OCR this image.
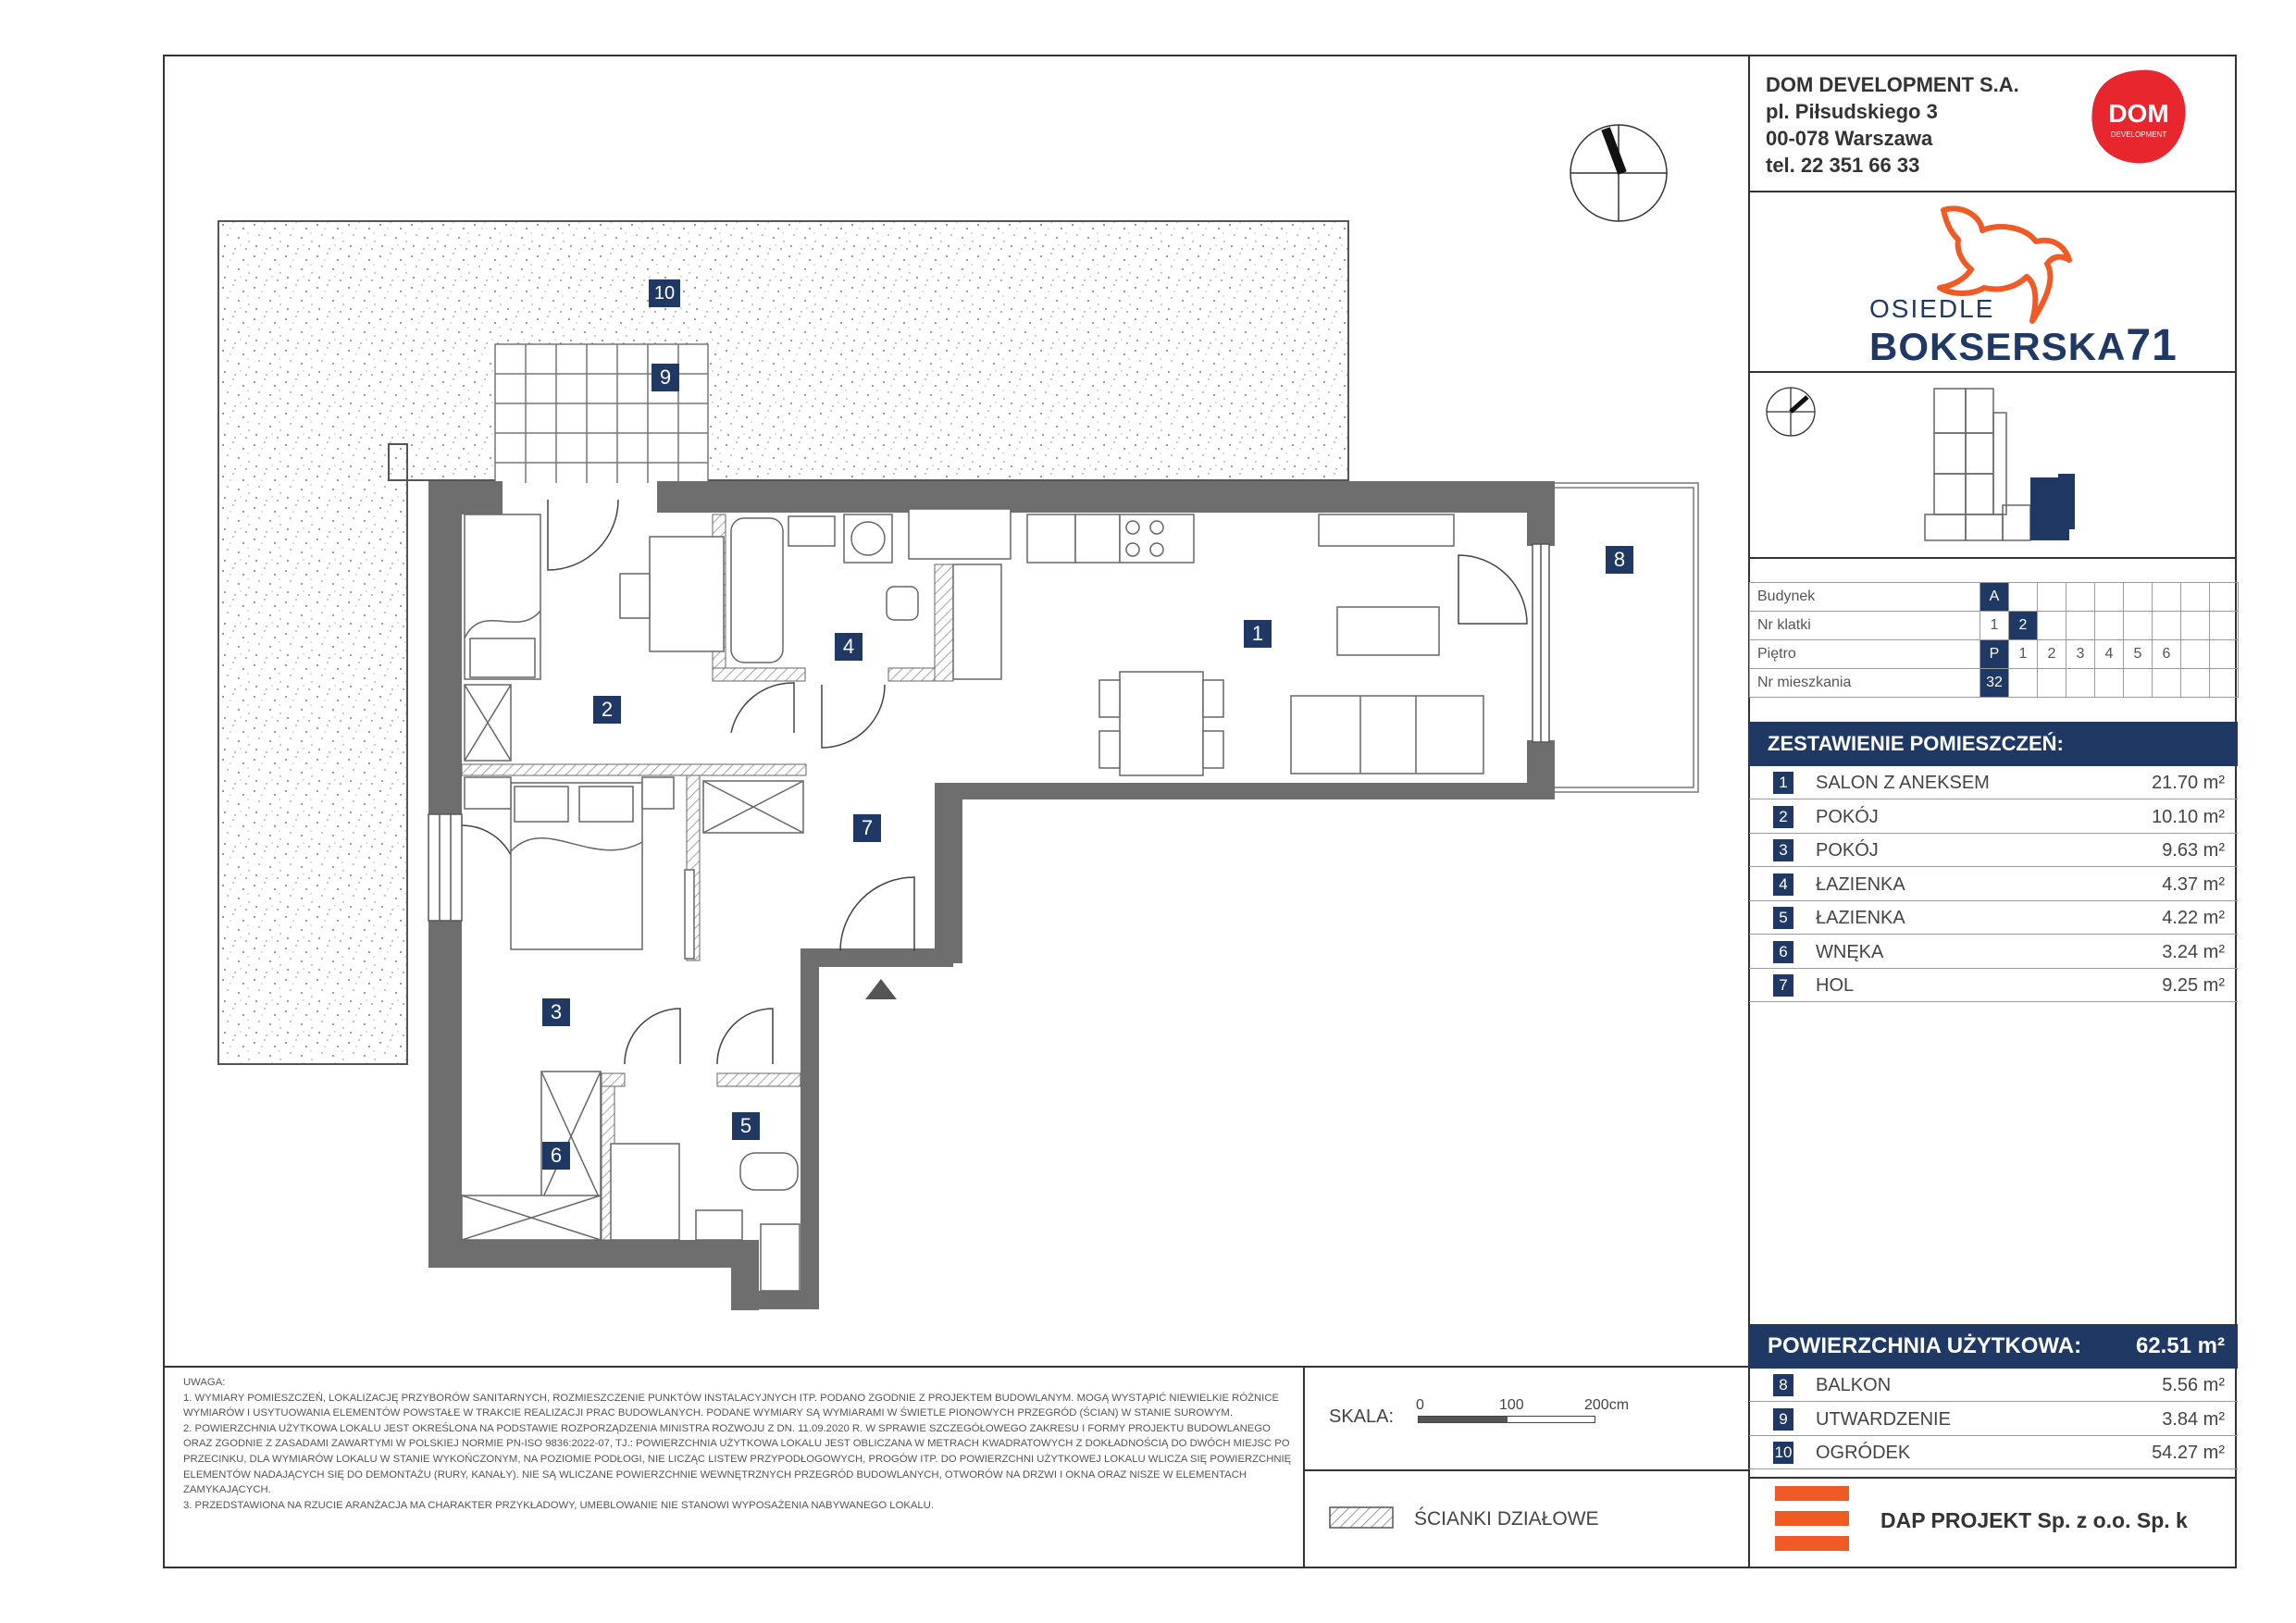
DOM DEVELOPMENT S.A.
pl. Piłsudskiego 3
00-078 Warszawa
tel. 22 351 66 33
DOM
DEVELOPMENT
OSIEDLE
BOKSERSKA71
Budynek	A								
Nr klatki	1	2							
Piętro	P	1	2	3	4	5	6		
Nr mieszkania	32								
ZESTAWIENIE POMIESZCZEŃ:
1	SALON Z ANEKSEM	21.70 m²
2	POKÓJ	10.10 m²
3	POKÓJ	9.63 m²
4	ŁAZIENKA	4.37 m²
5	ŁAZIENKA	4.22 m²
6	WNĘKA	3.24 m²
7	HOL	9.25 m²
POWIERZCHNIA UŻYTKOWA: 62.51 m²
8	BALKON	5.56 m²
9	UTWARDZENIE	3.84 m²
10 OGRÓDEK	54.27 m²
1
2
3
4
5
6
7
8
9
10

UWAGA:

1. WYMIARY POMIESZCZEŃ, LOKALIZACJĘ PRZYBORÓW SANITARNYCH, ROZMIESZCZENIE PUNKTÓW INSTALACYJNYCH ITP. PODANO ZGODNIE Z PROJEKTEM BUDOWLANYM. MOGĄ WYSTĄPIĆ NIEWIELKIE RÓŻNICE WYMIARÓW I USYTUOWANIA ELEMENTÓW POWSTAŁE W TRAKCIE REALIZACJI PRAC BUDOWLANYCH. PODANE WYMIARY SĄ WYMIARAMI W ŚWIETLE PIONOWYCH PRZEGRÓD (ŚCIAN) W STANIE SUROWYM.

2. POWIERZCHNIA UŻYTKOWA LOKALU JEST OKREŚLONA NA PODSTAWIE ROZPORZĄDZENIA MINISTRA ROZWOJU Z DN. 11.09.2020 R. W SPRAWIE SZCZEGÓŁOWEGO ZAKRESU I FORMY PROJEKTU BUDOWLANEGO ORAZ ZGODNIE Z ZASADAMI ZAWARTYMI W POLSKIEJ NORMIE PN-ISO 9836:2022-07, TJ.: POWIERZCHNIA UŻYTKOWA LOKALU JEST OBLICZANA W METRACH KWADRATOWYCH Z DOKŁADNOŚCIĄ DO DWÓCH MIEJSC PO PRZECINKU, DLA WYMIARÓW LOKALU W STANIE WYKOŃCZONYM, NA POZIOMIE PODŁOGI, NIE LICZĄC LISTEW PRZYPODŁOGOWYCH, PROGÓW ITP. DO POWIERZCHNI UŻYTKOWEJ LOKALU WLICZA SIĘ POWIERZCHNIĘ ELEMENTÓW NADAJĄCYCH SIĘ DO DEMONTAŻU (RURY, KANAŁY). NIE SĄ WLICZANE POWIERZCHNIE WEWNĘTRZNYCH PRZEGRÓD BUDOWLANYCH, OTWORÓW NA DRZWI I OKNA ORAZ NISZE W ELEMENTACH ZAMYKAJĄCYCH.

3. PRZEDSTAWIONA NA RZUCIE ARANŻACJA MA CHARAKTER PRZYKŁADOWY, UMEBLOWANIE NIE STANOWI WYPOSAŻENIA NABYWANEGO LOKALU.

SKALA:
0	100	200cm
ŚCIANKI DZIAŁOWE	DAP PROJEKT Sp. z o.o. Sp. k
